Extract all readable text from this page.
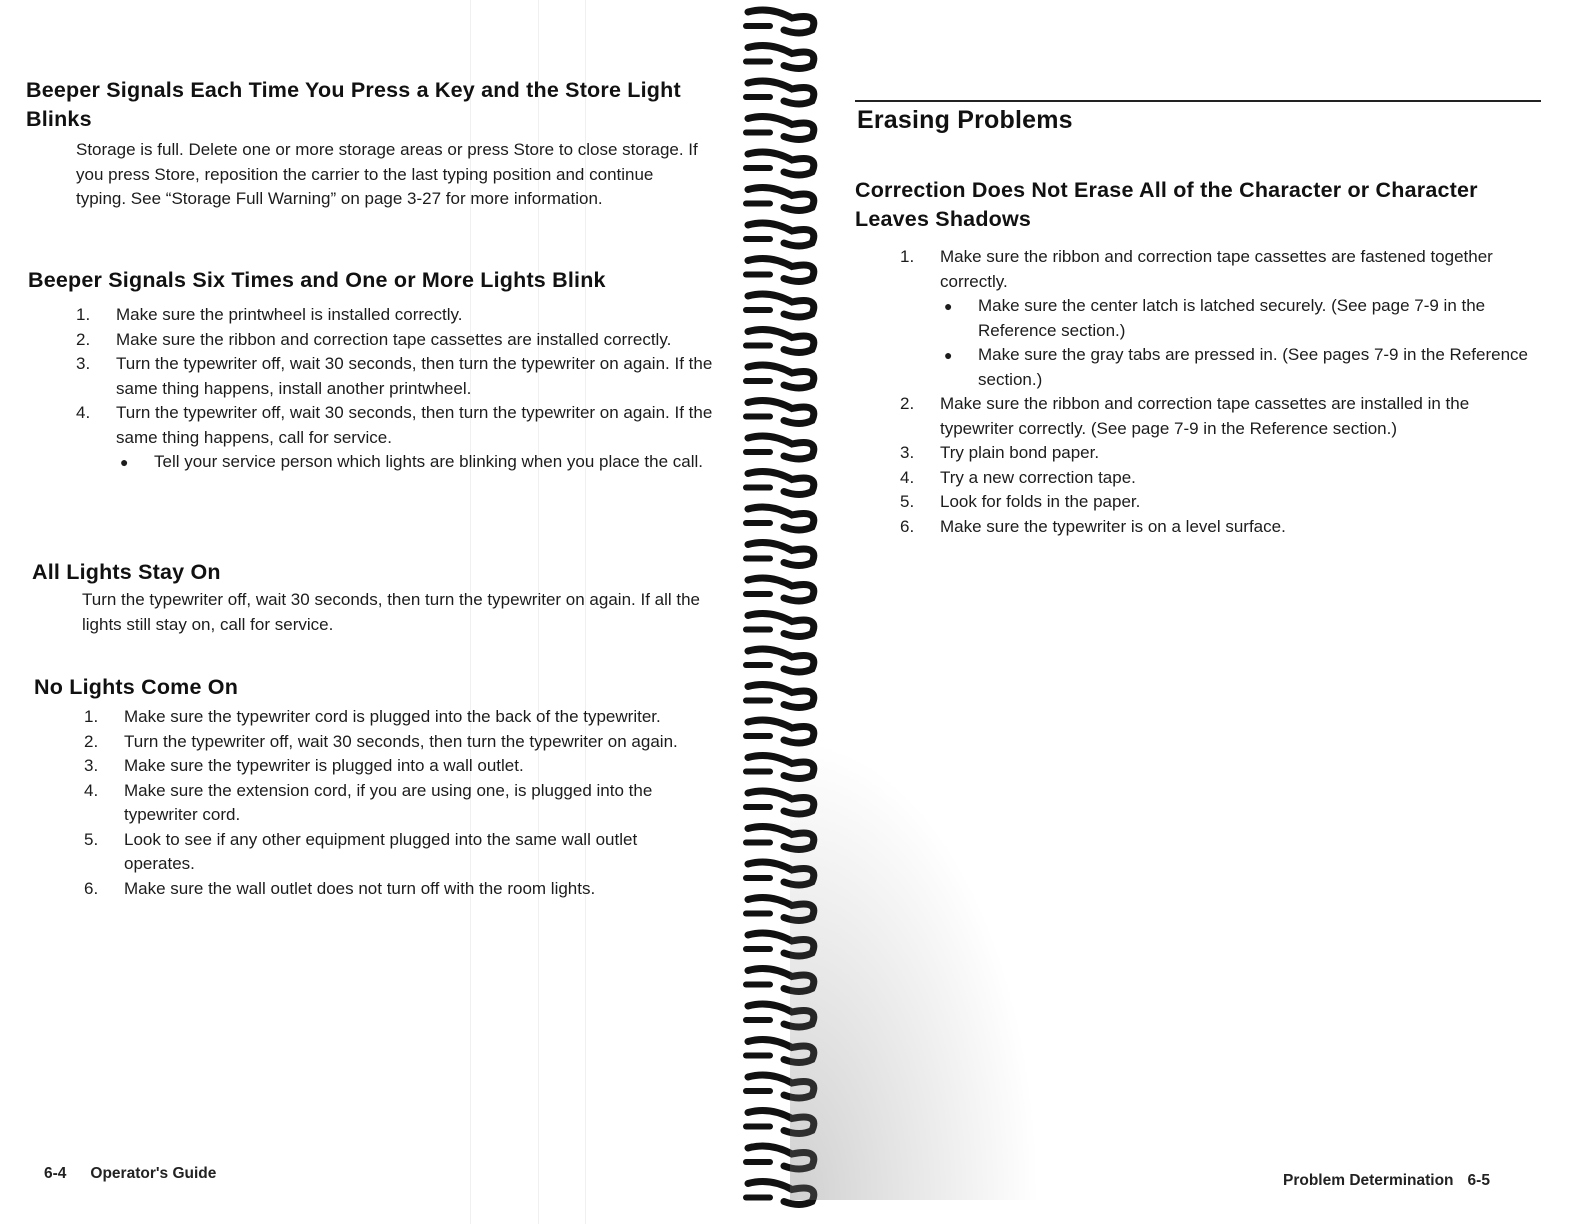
Beeper Signals Each Time You Press a Key and the Store Light Blinks

Storage is full. Delete one or more storage areas or press Store to close storage. If you press Store, reposition the carrier to the last typing position and continue typing. See “Storage Full Warning” on page 3-27 for more information.

Beeper Signals Six Times and One or More Lights Blink
1.	Make sure the printwheel is installed correctly.
2.	Make sure the ribbon and correction tape cassettes are installed correctly.
3.	Turn the typewriter off, wait 30 seconds, then turn the typewriter on again. If the same thing happens, install another printwheel.
4.	Turn the typewriter off, wait 30 seconds, then turn the typewriter on again. If the same thing happens, call for service.
● Tell your service person which lights are blinking when you place the call.
All Lights Stay On

Turn the typewriter off, wait 30 seconds, then turn the typewriter on again. If all the lights still stay on, call for service.

No Lights Come On
1.	Make sure the typewriter cord is plugged into the back of the typewriter.
2.	Turn the typewriter off, wait 30 seconds, then turn the typewriter on again.
3.	Make sure the typewriter is plugged into a wall outlet.
4.	Make sure the extension cord, if you are using one, is plugged into the typewriter cord.
5.	Look to see if any other equipment plugged into the same wall outlet operates.
6.	Make sure the wall outlet does not turn off with the room lights.
6-4 Operator's Guide
Erasing Problems
Correction Does Not Erase All of the Character or Character Leaves Shadows
1.	Make sure the ribbon and correction tape cassettes are fastened together correctly.
● Make sure the center latch is latched securely. (See page 7-9 in the Reference section.)
● Make sure the gray tabs are pressed in. (See pages 7-9 in the Reference section.)
2.	Make sure the ribbon and correction tape cassettes are installed in the typewriter correctly. (See page 7-9 in the Reference section.)
3.	Try plain bond paper.
4.	Try a new correction tape.
5.	Look for folds in the paper.
6.	Make sure the typewriter is on a level surface.
Problem Determination 6-5
